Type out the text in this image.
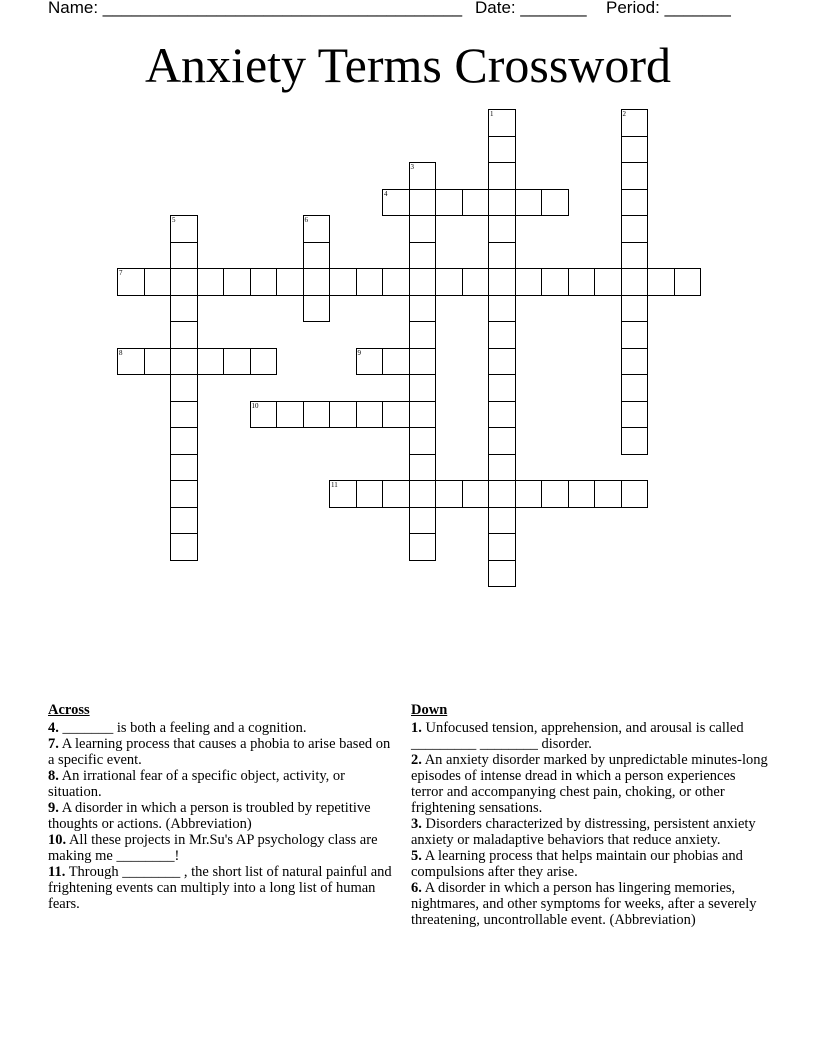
Name: ______________________________________ Date: _______ Period: _______
Anxiety Terms Crossword
1	2
3
4
5	6
7
8	9
10
11
Across
4. _______ is both a feeling and a cognition.
7. A learning process that causes a phobia to arise based on a specific event.
8. An irrational fear of a specific object, activity, or situation.
9. A disorder in which a person is troubled by repetitive thoughts or actions. (Abbreviation)
10. All these projects in Mr.Su's AP psychology class are making me ________!
11. Through ________ , the short list of natural painful and frightening events can multiply into a long list of human fears.
Down
1. Unfocused tension, apprehension, and arousal is called _________ ________ disorder.
2. An anxiety disorder marked by unpredictable minutes-long episodes of intense dread in which a person experiences terror and accompanying chest pain, choking, or other frightening sensations.
3. Disorders characterized by distressing, persistent anxiety anxiety or maladaptive behaviors that reduce anxiety.
5. A learning process that helps maintain our phobias and compulsions after they arise.
6. A disorder in which a person has lingering memories, nightmares, and other symptoms for weeks, after a severely threatening, uncontrollable event. (Abbreviation)
